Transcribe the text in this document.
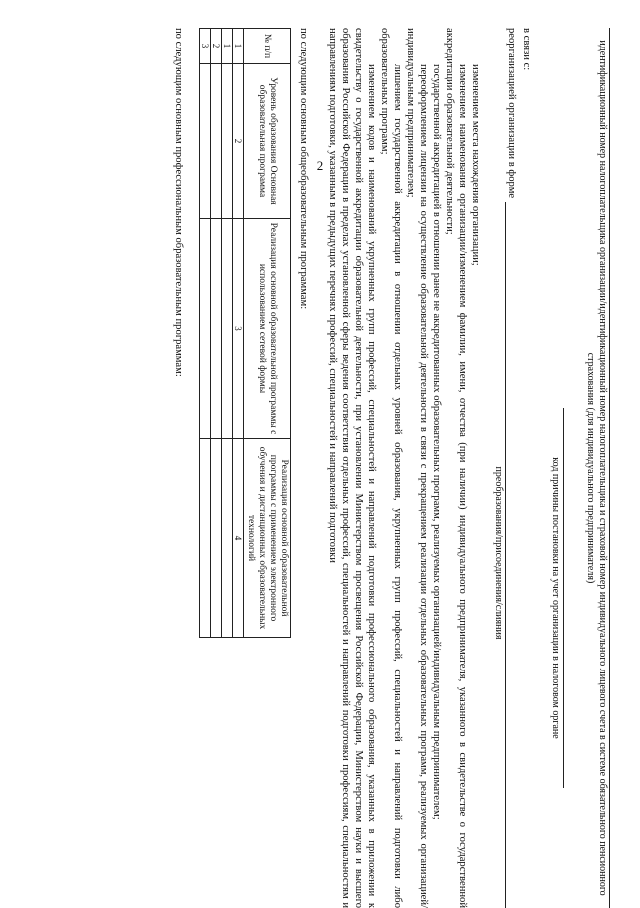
2	идентификационный номер налогоплательщика организации/идентификационный номер налогоплательщика и страховой номер индивидуального лицевого счета в системе обязательного пенсионного страхования (для индивидуального предпринимателя)
код причины постановки на учет организации в налоговом органе
в связи с:
реорганизацией организации в форме
преобразования/присоединения/слияния
изменением места нахождения организации;
изменением наименования организации/изменением фамилии, имени, отчества (при наличии) индивидуального предпринимателя, указанного в свидетельстве о государственной аккредитации образовательной деятельности;
государственной аккредитацией в отношении ранее не аккредитованных образовательных программ, реализуемых организацией/индивидуальным предпринимателем;
переоформлением лицензии на осуществление образовательной деятельности в связи с прекращением реализации отдельных образовательных программ, реализуемых организацией/индивидуальным предпринимателем;
лишением государственной аккредитации в отношении отдельных уровней образования, укрупненных групп профессий, специальностей и направлений подготовки либо образовательных программ;
изменением кодов и наименований укрупненных групп профессий, специальностей и направлений подготовки профессионального образования, указанных в приложении к свидетельству о государственной аккредитации образовательной деятельности, при установлении Министерством просвещения Российской Федерации, Министерством науки и высшего образования Российской Федерации в пределах установленной сферы ведения соответствия отдельных профессий, специальностей и направлений подготовки профессиям, специальностям и направлениям подготовки, указанным в предыдущих перечнях профессий, специальностей и направлений подготовки
по следующим основным общеобразовательным программам:
№ п/п	Уровень образования Основная образовательная программа	Реализация основной образовательной программы с использованием сетевой формы	Реализация основной образовательной программы с применением электронного обучения и дистанционных образовательных технологий
1	2	3	4
1			
2			
3			
по следующим основным профессиональным образовательным программам:
